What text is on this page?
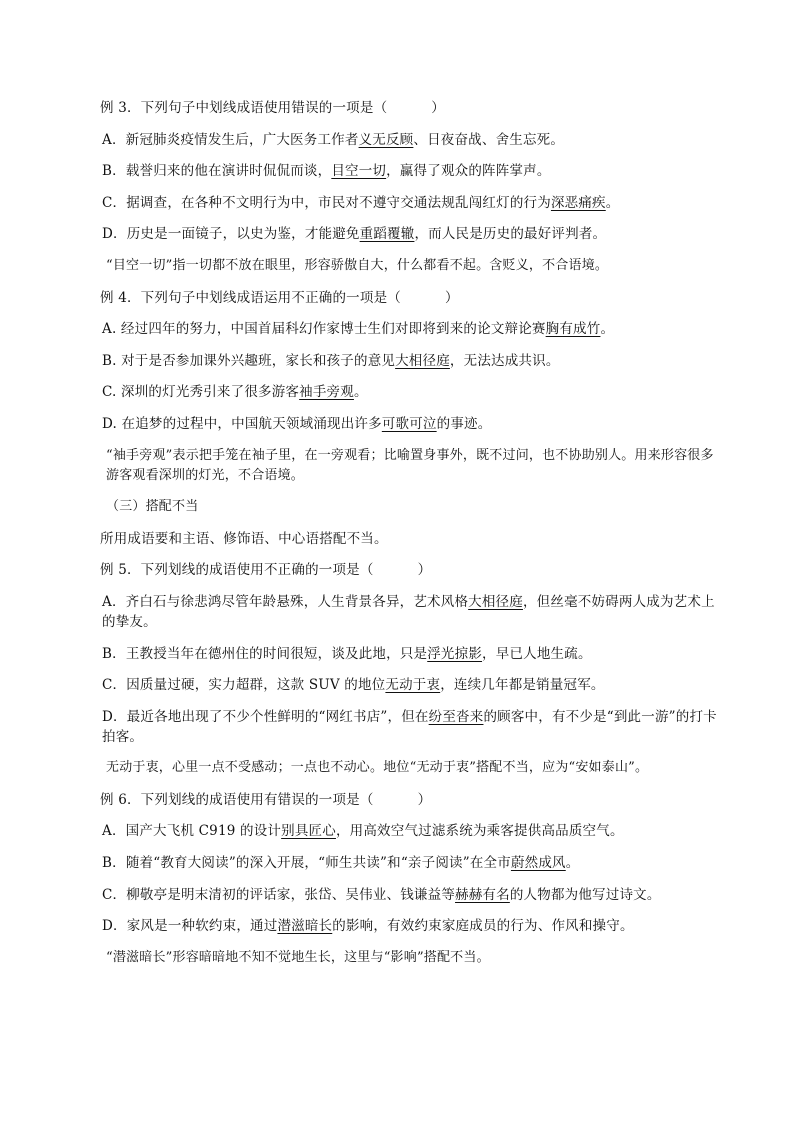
例 3．下列句子中划线成语使用错误的一项是（	）
A．新冠肺炎疫情发生后，广大医务工作者义无反顾、日夜奋战、舍生忘死。
B．载誉归来的他在演讲时侃侃而谈，目空一切，赢得了观众的阵阵掌声。
C．据调查，在各种不文明行为中，市民对不遵守交通法规乱闯红灯的行为深恶痛疾。
D．历史是一面镜子，以史为鉴，才能避免重蹈覆辙，而人民是历史的最好评判者。
“目空一切”指一切都不放在眼里，形容骄傲自大，什么都看不起。含贬义，不合语境。
例 4．下列句子中划线成语运用不正确的一项是（	）
A. 经过四年的努力，中国首届科幻作家博士生们对即将到来的论文辩论赛胸有成竹。
B. 对于是否参加课外兴趣班，家长和孩子的意见大相径庭，无法达成共识。
C. 深圳的灯光秀引来了很多游客袖手旁观。
D. 在追梦的过程中，中国航天领域涌现出许多可歌可泣的事迹。
“袖手旁观”表示把手笼在袖子里，在一旁观看；比喻置身事外，既不过问，也不协助别人。用来形容很多游客观看深圳的灯光，不合语境。
（三）搭配不当
所用成语要和主语、修饰语、中心语搭配不当。
例 5．下列划线的成语使用不正确的一项是（	）
A．齐白石与徐悲鸿尽管年龄悬殊，人生背景各异，艺术风格大相径庭，但丝毫不妨碍两人成为艺术上的挚友。
B．王教授当年在德州住的时间很短，谈及此地，只是浮光掠影，早已人地生疏。
C．因质量过硬，实力超群，这款 SUV 的地位无动于衷，连续几年都是销量冠军。
D．最近各地出现了不少个性鲜明的“网红书店”，但在纷至沓来的顾客中，有不少是“到此一游”的打卡拍客。
无动于衷，心里一点不受感动；一点也不动心。地位“无动于衷”搭配不当，应为“安如泰山”。
例 6．下列划线的成语使用有错误的一项是（	）
A．国产大飞机 C919 的设计别具匠心，用高效空气过滤系统为乘客提供高品质空气。
B．随着“教育大阅读”的深入开展，“师生共读”和“亲子阅读”在全市蔚然成风。
C．柳敬亭是明末清初的评话家，张岱、吴伟业、钱谦益等赫赫有名的人物都为他写过诗文。
D．家风是一种软约束，通过潜滋暗长的影响，有效约束家庭成员的行为、作风和操守。
“潜滋暗长”形容暗暗地不知不觉地生长，这里与“影响”搭配不当。
